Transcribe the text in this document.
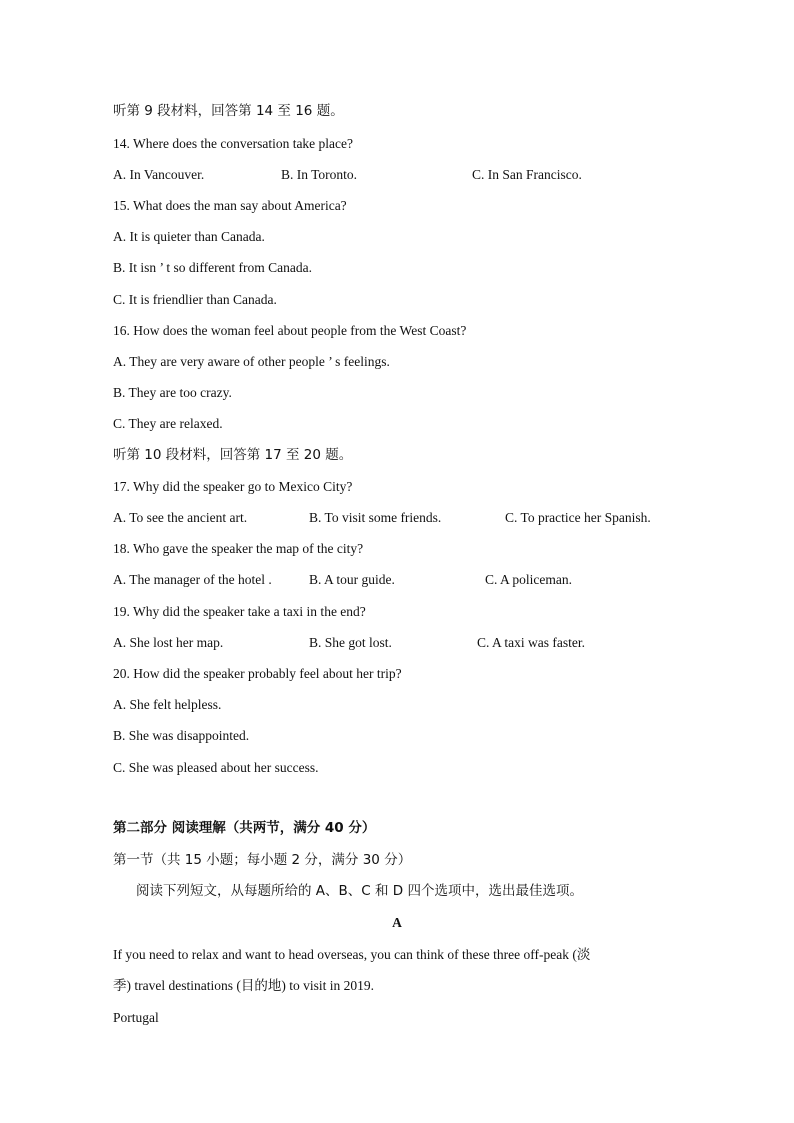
听第 9 段材料，回答第 14 至 16 题。
14. Where does the conversation take place?
A. In Vancouver.	B. In Toronto.	C. In San Francisco.
15. What does the man say about America?
A. It is quieter than Canada.
B. It isn ’ t so different from Canada.
C. It is friendlier than Canada.
16. How does the woman feel about people from the West Coast?
A. They are very aware of other people ’ s feelings.
B. They are too crazy.
C. They are relaxed.
听第 10 段材料，回答第 17 至 20 题。
17. Why did the speaker go to Mexico City?
A. To see the ancient art.	B. To visit some friends.	C. To practice her Spanish.
18. Who gave the speaker the map of the city?
A. The manager of the hotel .	B. A tour guide.	C. A policeman.
19. Why did the speaker take a taxi in the end?
A. She lost her map.	B. She got lost.	C. A taxi was faster.
20. How did the speaker probably feel about her trip?
A. She felt helpless.
B. She was disappointed.
C. She was pleased about her success.
第二部分 阅读理解（共两节，满分 40 分）
第一节（共 15 小题；每小题 2 分，满分 30 分）
阅读下列短文，从每题所给的 A、B、C 和 D 四个选项中，选出最佳选项。
A
If you need to relax and want to head overseas, you can think of these three off-peak (淡
季) travel destinations (目的地) to visit in 2019.
Portugal
